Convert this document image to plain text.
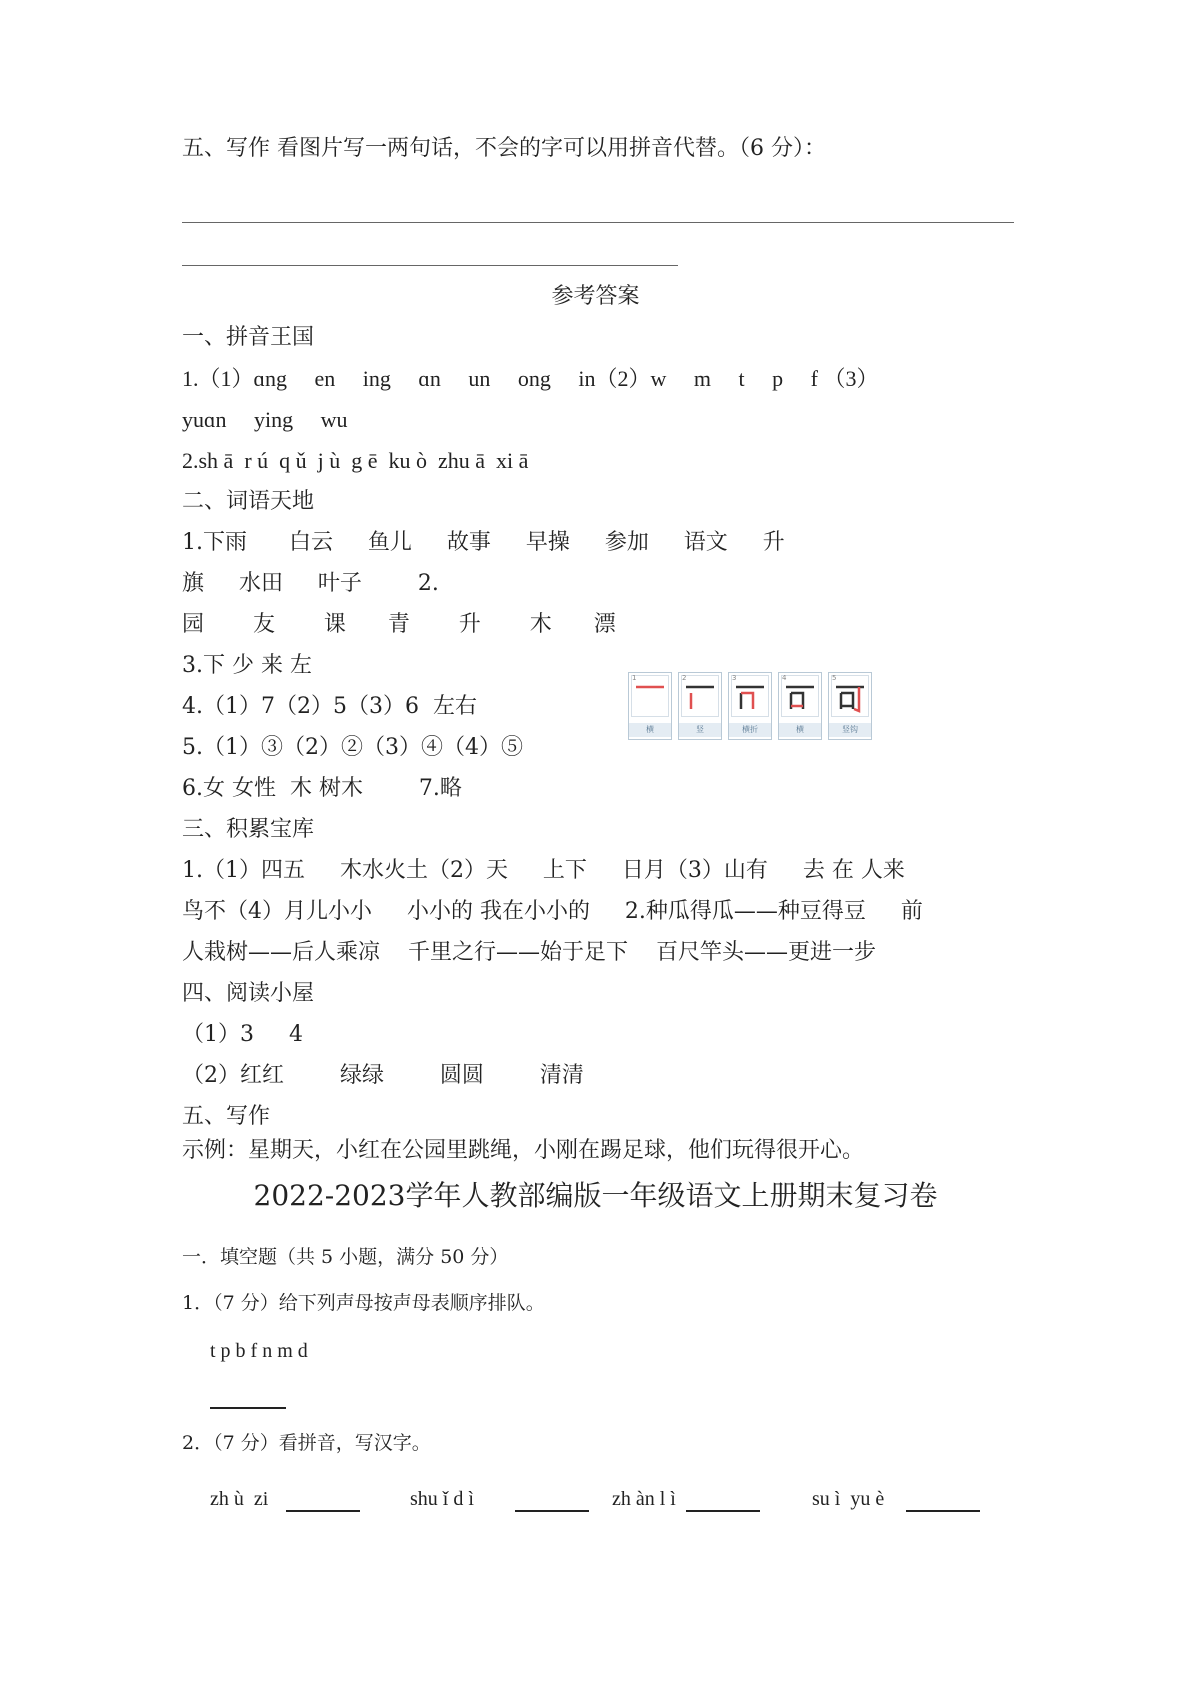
五、写作 看图片写一两句话，不会的字可以用拼音代替。（6 分）：
参考答案
一、拼音王国
1.（1）ɑng     en     ing     ɑn     un     ong     in（2）w     m     t     p     f （3）
yuɑn     ying     wu
2.sh ā  r ú  q ǔ  j ù  g ē  ku ò  zhu ā  xi ā
二、词语天地
1.下雨      白云     鱼儿     故事     早操     参加     语文     升
旗     水田     叶子        2.
园       友       课      青       升       木      漂
3.下 少 来 左
4.（1）7（2）5（3）6  左右
5.（1）③（2）②（3）④（4）⑤
6.女 女性  木 树木        7.略
1
横
2
竖
3
横折
4
横
5
竖钩
三、积累宝库
1.（1）四五     木水火土（2）天     上下     日月（3）山有     去 在 人来
鸟不（4）月儿小小     小小的 我在小小的     2.种瓜得瓜——种豆得豆     前
人栽树——后人乘凉    千里之行——始于足下    百尺竿头——更进一步
四、阅读小屋
（1）3     4
（2）红红        绿绿        圆圆        清清
五、写作
示例：星期天，小红在公园里跳绳，小刚在踢足球，他们玩得很开心。
2022-2023学年人教部编版一年级语文上册期末复习卷
一．填空题（共 5 小题，满分 50 分）
1．（7 分）给下列声母按声母表顺序排队。
t p b f n m d
2．（7 分）看拼音，写汉字。
zh ù  zi	shu ǐ d ì	zh àn l ì	su ì  yu è
